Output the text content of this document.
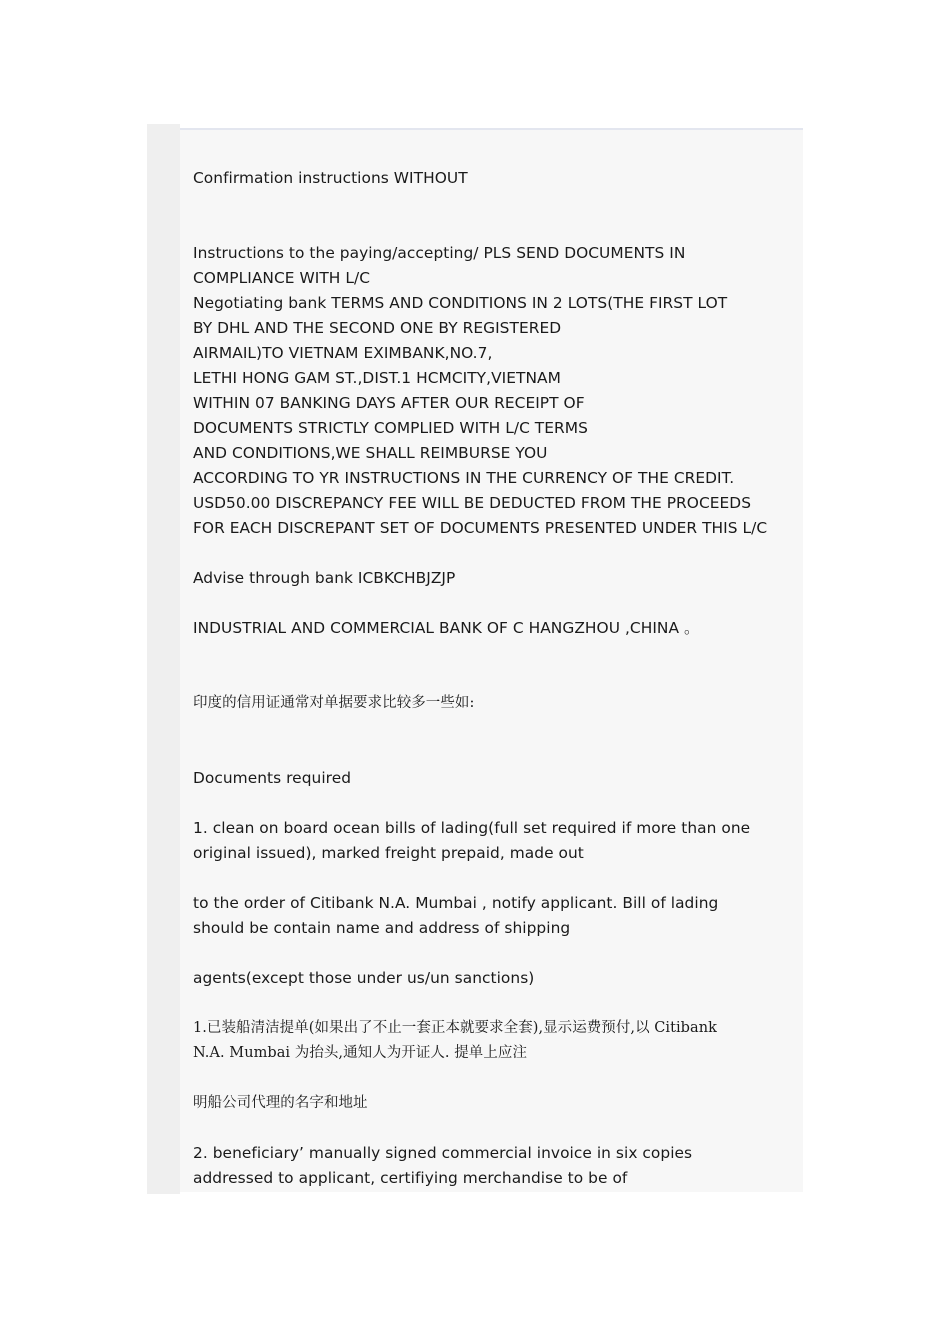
Confirmation instructions WITHOUT

Instructions to the paying/accepting/ PLS SEND DOCUMENTS IN

COMPLIANCE WITH L/C

Negotiating bank TERMS AND CONDITIONS IN 2 LOTS(THE FIRST LOT

BY DHL AND THE SECOND ONE BY REGISTERED

AIRMAIL)TO VIETNAM EXIMBANK,NO.7,

LETHI HONG GAM ST.,DIST.1 HCMCITY,VIETNAM

WITHIN 07 BANKING DAYS AFTER OUR RECEIPT OF

DOCUMENTS STRICTLY COMPLIED WITH L/C TERMS

AND CONDITIONS,WE SHALL REIMBURSE YOU

ACCORDING TO YR INSTRUCTIONS IN THE CURRENCY OF THE CREDIT.

USD50.00 DISCREPANCY FEE WILL BE DEDUCTED FROM THE PROCEEDS

FOR EACH DISCREPANT SET OF DOCUMENTS PRESENTED UNDER THIS L/C

Advise through bank ICBKCHBJZJP

INDUSTRIAL AND COMMERCIAL BANK OF C HANGZHOU ,CHINA 。

印度的信用证通常对单据要求比较多一些如:

Documents required

1. clean on board ocean bills of lading(full set required if more than one

original issued), marked freight prepaid, made out

to the order of Citibank N.A. Mumbai , notify applicant. Bill of lading

should be contain name and address of shipping

agents(except those under us/un sanctions)

1.已装船清洁提单(如果出了不止一套正本就要求全套),显示运费预付,以 Citibank

N.A. Mumbai 为抬头,通知人为开证人. 提单上应注

明船公司代理的名字和地址

2. beneficiary’ manually signed commercial invoice in six copies

addressed to applicant, certifiying merchandise to be of
